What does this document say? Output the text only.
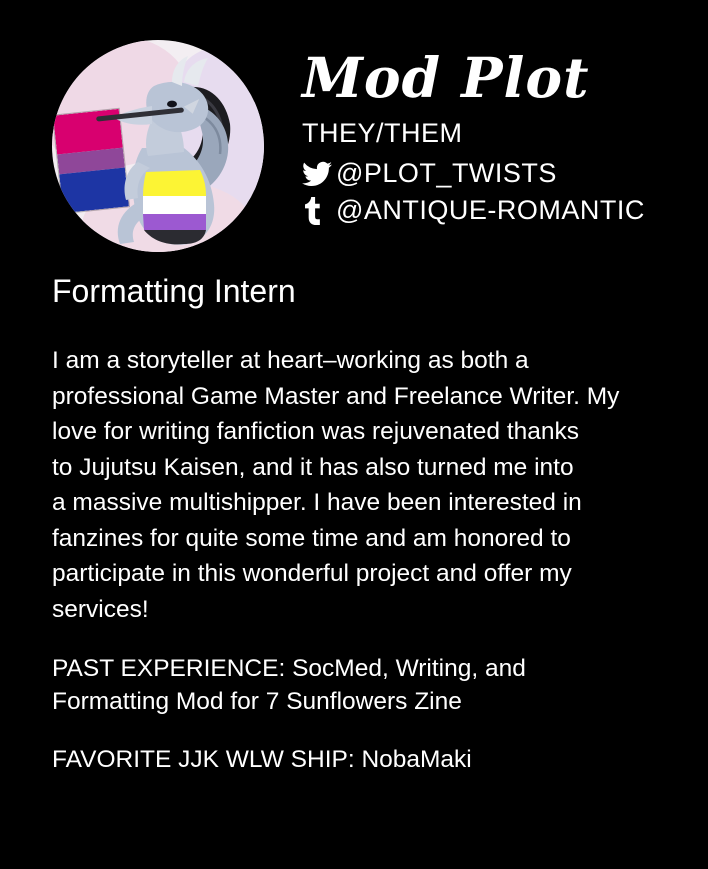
Mod Plot
THEY/THEM
@PLOT_TWISTS
@ANTIQUE-ROMANTIC
Formatting Intern

I am a storyteller at heart–working as both a
professional Game Master and Freelance Writer. My
love for writing fanfiction was rejuvenated thanks
to Jujutsu Kaisen, and it has also turned me into
a massive multishipper. I have been interested in
fanzines for quite some time and am honored to
participate in this wonderful project and offer my
services!

PAST EXPERIENCE: SocMed, Writing, and
Formatting Mod for 7 Sunflowers Zine

FAVORITE JJK WLW SHIP: NobaMaki
